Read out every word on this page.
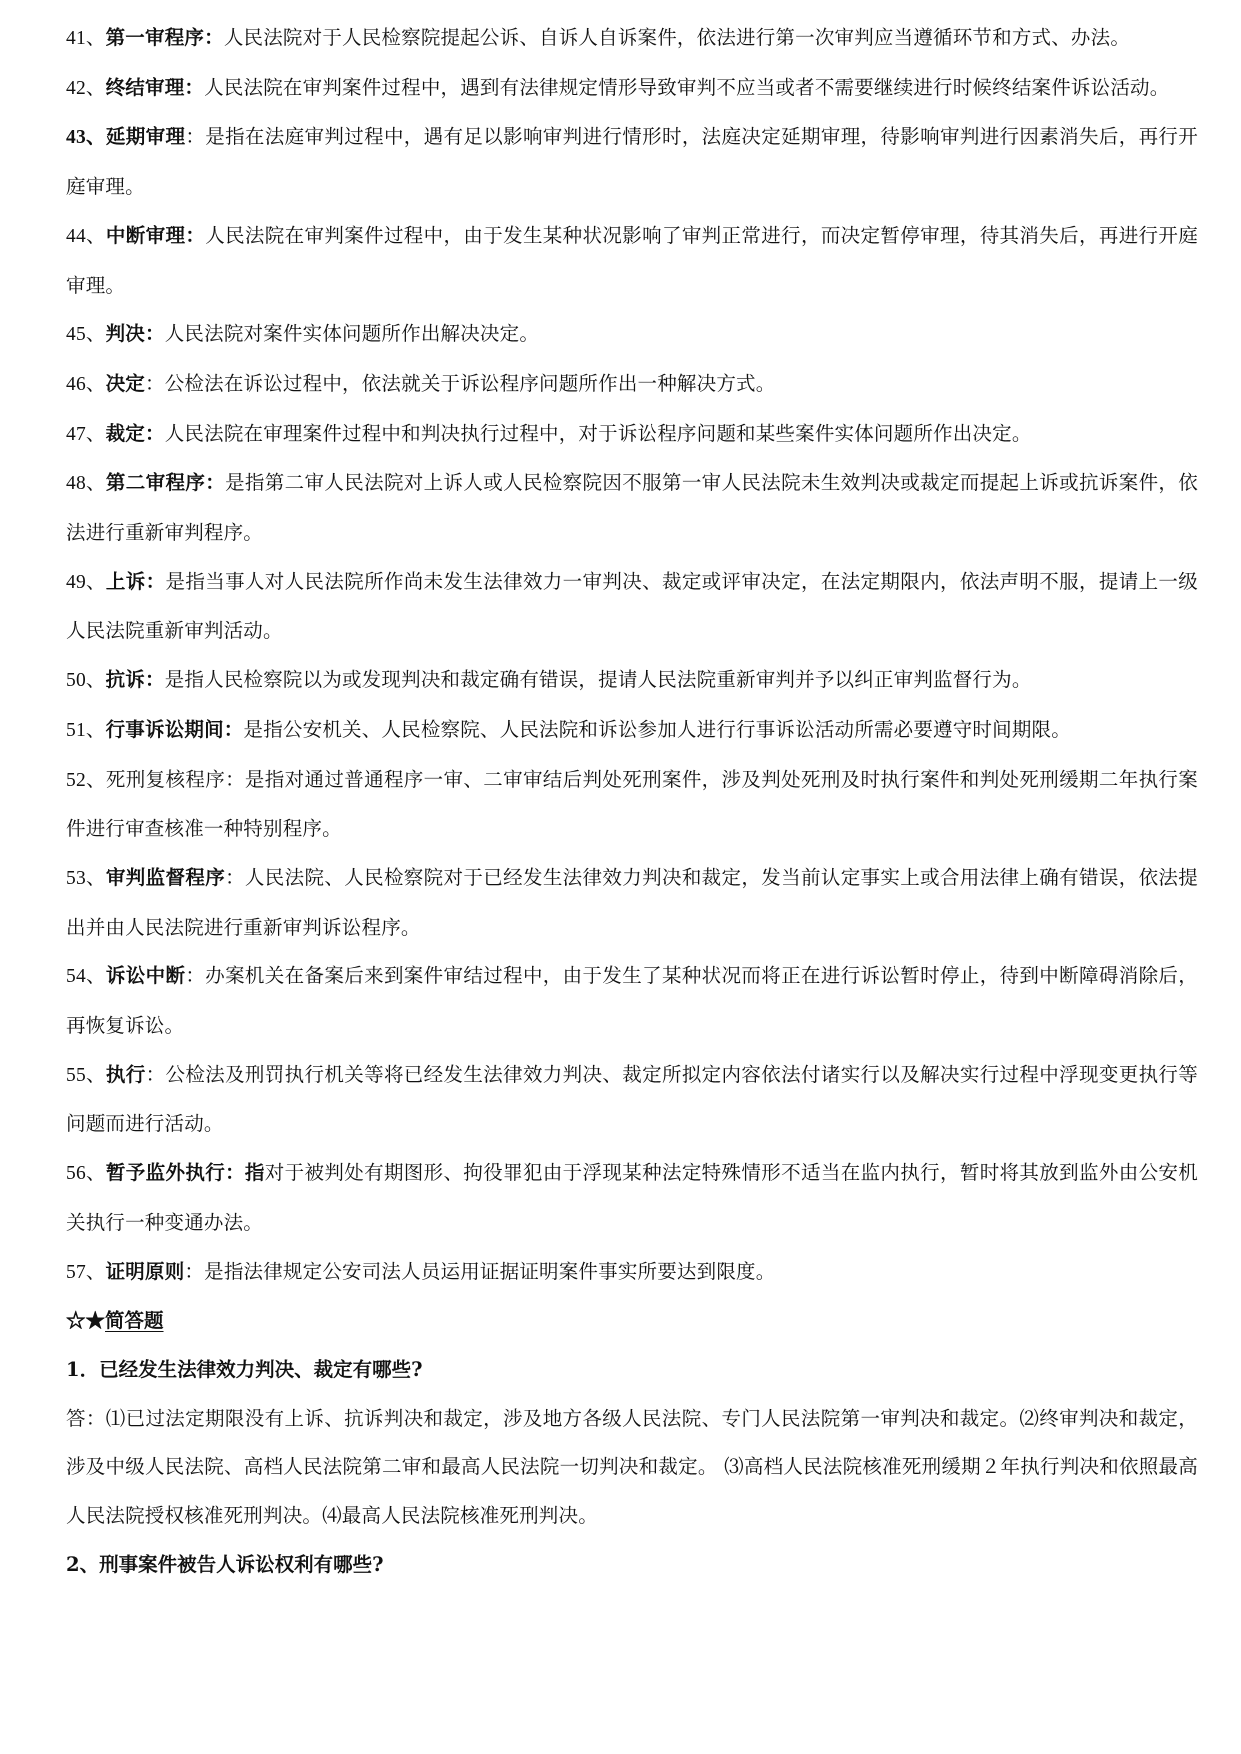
41、第一审程序：人民法院对于人民检察院提起公诉、自诉人自诉案件，依法进行第一次审判应当遵循环节和方式、办法。

42、终结审理：人民法院在审判案件过程中，遇到有法律规定情形导致审判不应当或者不需要继续进行时候终结案件诉讼活动。

43、延期审理：是指在法庭审判过程中，遇有足以影响审判进行情形时，法庭决定延期审理，待影响审判进行因素消失后，再行开庭审理。

44、中断审理：人民法院在审判案件过程中，由于发生某种状况影响了审判正常进行，而决定暂停审理，待其消失后，再进行开庭审理。

45、判决：人民法院对案件实体问题所作出解决决定。

46、决定：公检法在诉讼过程中，依法就关于诉讼程序问题所作出一种解决方式。

47、裁定：人民法院在审理案件过程中和判决执行过程中，对于诉讼程序问题和某些案件实体问题所作出决定。

48、第二审程序：是指第二审人民法院对上诉人或人民检察院因不服第一审人民法院未生效判决或裁定而提起上诉或抗诉案件，依法进行重新审判程序。

49、上诉：是指当事人对人民法院所作尚未发生法律效力一审判决、裁定或评审决定，在法定期限内，依法声明不服，提请上一级人民法院重新审判活动。

50、抗诉：是指人民检察院以为或发现判决和裁定确有错误，提请人民法院重新审判并予以纠正审判监督行为。

51、行事诉讼期间：是指公安机关、人民检察院、人民法院和诉讼参加人进行行事诉讼活动所需必要遵守时间期限。

52、死刑复核程序：是指对通过普通程序一审、二审审结后判处死刑案件，涉及判处死刑及时执行案件和判处死刑缓期二年执行案件进行审查核准一种特别程序。

53、审判监督程序：人民法院、人民检察院对于已经发生法律效力判决和裁定，发当前认定事实上或合用法律上确有错误，依法提出并由人民法院进行重新审判诉讼程序。

54、诉讼中断：办案机关在备案后来到案件审结过程中，由于发生了某种状况而将正在进行诉讼暂时停止，待到中断障碍消除后，再恢复诉讼。

55、执行：公检法及刑罚执行机关等将已经发生法律效力判决、裁定所拟定内容依法付诸实行以及解决实行过程中浮现变更执行等问题而进行活动。

56、暂予监外执行：指对于被判处有期图形、拘役罪犯由于浮现某种法定特殊情形不适当在监内执行，暂时将其放到监外由公安机关执行一种变通办法。

57、证明原则：是指法律规定公安司法人员运用证据证明案件事实所要达到限度。

☆★简答题

1．已经发生法律效力判决、裁定有哪些?

答：⑴已过法定期限没有上诉、抗诉判决和裁定，涉及地方各级人民法院、专门人民法院第一审判决和裁定。⑵终审判决和裁定，涉及中级人民法院、高档人民法院第二审和最高人民法院一切判决和裁定。 ⑶高档人民法院核准死刑缓期２年执行判决和依照最高人民法院授权核准死刑判决。⑷最高人民法院核准死刑判决。

2、刑事案件被告人诉讼权利有哪些?
